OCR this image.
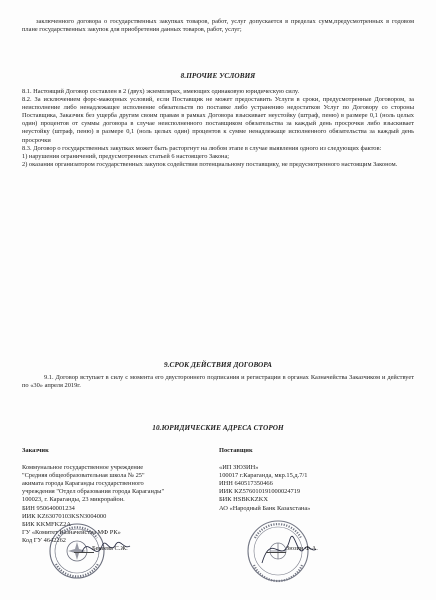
заключенного договора о государственных закупках товаров, работ, услуг допускается в пределах сумм,предусмотренных в годовом плане государственных закупок для приобретения данных товаров, работ, услуг;

8.ПРОЧИЕ УСЛОВИЯ

8.1. Настоящий Договор составлен в 2 (двух) экземплярах, имеющих одинаковую юридическую силу.

8.2. За исключением форс-мажорных условий, если Поставщик не может предоставить Услуги в сроки, предусмотренные Договором, за неисполнение либо ненадлежащее исполнение обязательств по поставке либо устранению недостатков Услуг по Договору со стороны Поставщика, Заказчик без ущерба другим своим правам в рамках Договора взыскивает неустойку (штраф, пеню) в размере 0,1 (ноль целых один) процентов от суммы договора в случае неисполненного поставщиком обязательства за каждый день просрочки либо взыскивает неустойку (штраф, пеню) в размере 0,1 (ноль целых один) процентов к сумме ненадлежаще исполненного обязательства за каждый день просрочки

8.3. Договор о государственных закупках может быть расторгнут на любом этапе в случае выявления одного из следующих фактов:

1) нарушения ограничений, предусмотренных статьей 6 настоящего Закона;

2) оказания организатором государственных закупок содействия потенциальному поставщику, не предусмотренного настоящим Законом.

9.СРОК ДЕЙСТВИЯ ДОГОВОРА

9.1. Договор вступает в силу с момента его двустороннего подписания и регистрации в органах Казначейства Заказчиком и действует по «30» апреля 2019г.

10.ЮРИДИЧЕСКИЕ АДРЕСА СТОРОН

Заказчик

Коммунальное государственное учреждение

"Средняя общеобразовательная школа № 25"

акимата города Караганды государственного

учреждения "Отдел образования города Караганды"

100023, г. Караганды, 23 микрорайон.

БИН 950640001234

ИИК KZ63070103KSN3004000

БИК KKMFKZ2A

ГУ «Комитет Казначейства МФ РК»

Код ГУ 4642262

Поставщик

«ИП ЗЮЗИН»

100017 г.Караганда, мкр.15,д.7/1

ИНН 640517350466

ИИК KZ576010191000024719

БИК HSBKKZKX

АО «Народный Банк Казахстана»

Бекеева С.Ж.	Зюзин Ф.А.
